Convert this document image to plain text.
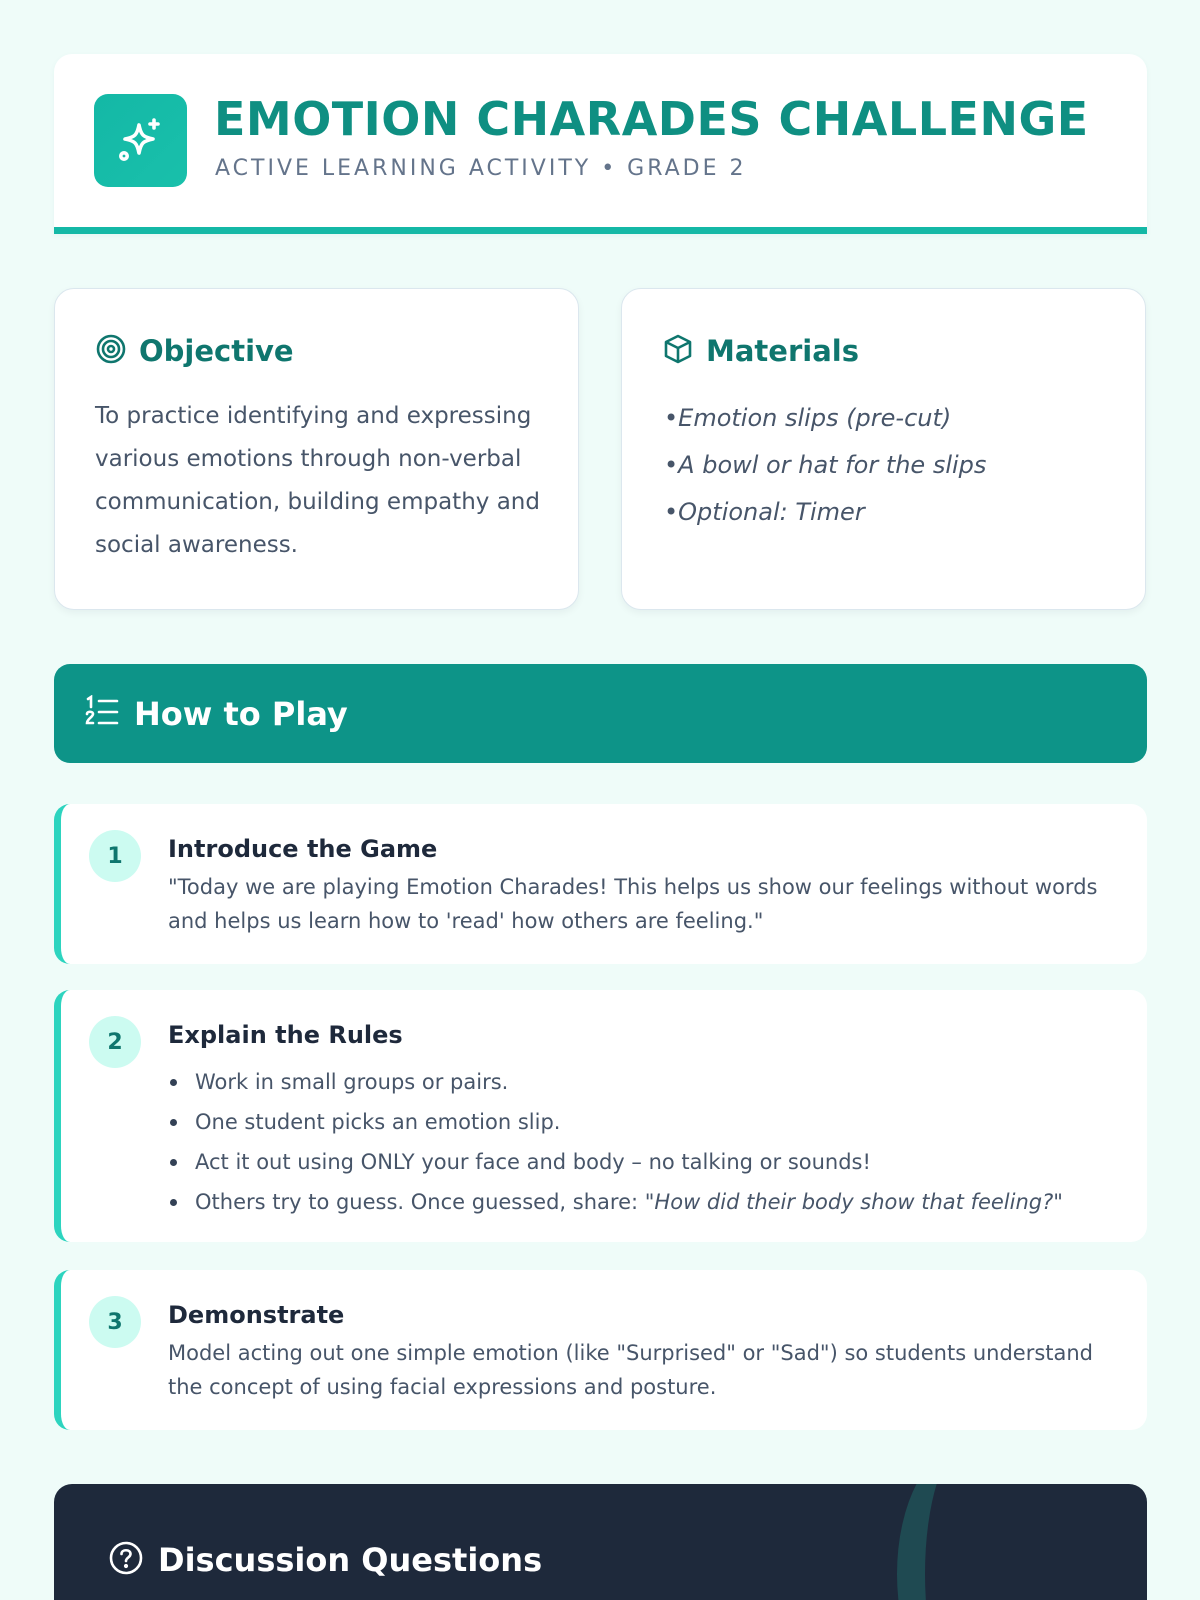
EMOTION CHARADES CHALLENGE
ACTIVE LEARNING ACTIVITY • GRADE 2
Objective

To practice identifying and expressing various emotions through non-verbal communication, building empathy and social awareness.

Materials
• Emotion slips (pre-cut)
• A bowl or hat for the slips
• Optional: Timer
How to Play
1	Introduce the Game

"Today we are playing Emotion Charades! This helps us show our feelings without words and helps us learn how to 'read' how others are feeling."

2	Explain the Rules
Work in small groups or pairs.
One student picks an emotion slip.
Act it out using ONLY your face and body – no talking or sounds!
Others try to guess. Once guessed, share: "How did their body show that feeling?"
3	Demonstrate

Model acting out one simple emotion (like "Surprised" or "Sad") so students understand the concept of using facial expressions and posture.

Discussion Questions
